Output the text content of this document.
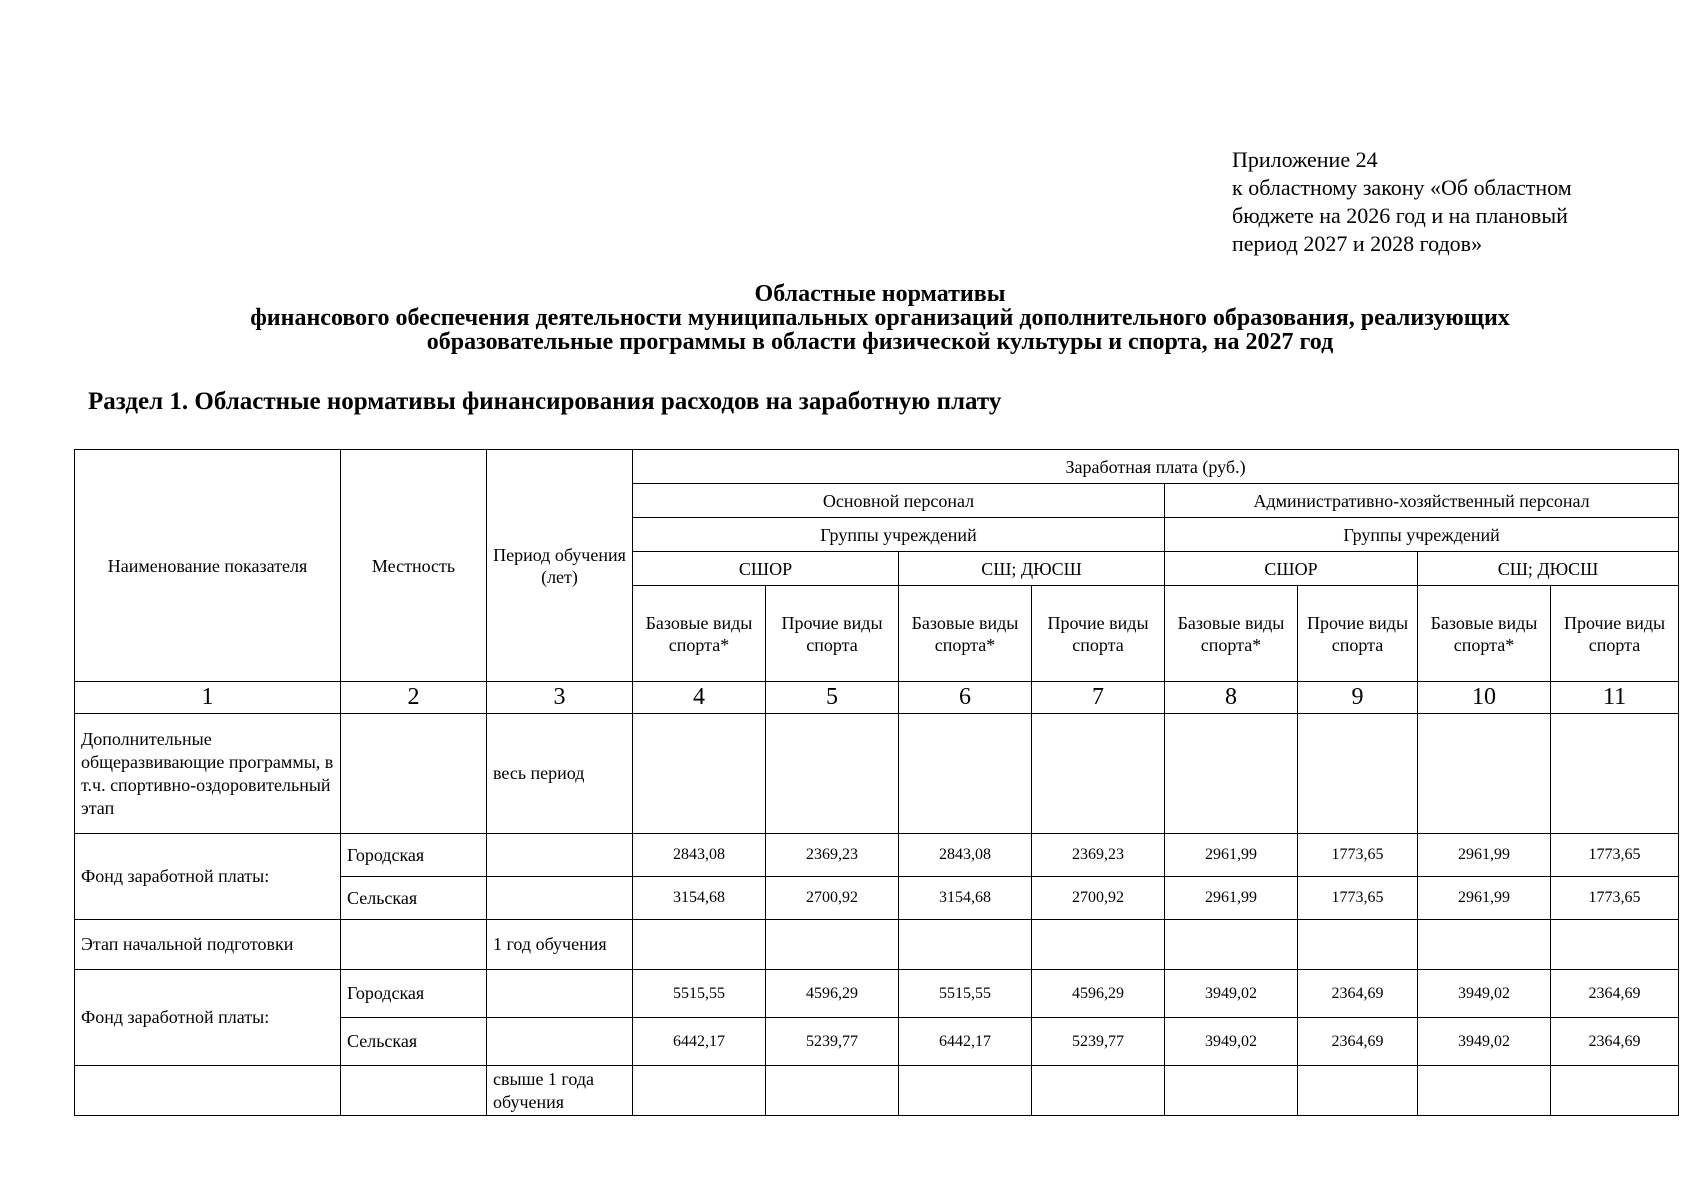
Приложение 24
к областному закону «Об областном
бюджете на 2026 год и на плановый
период 2027 и 2028 годов»
Областные нормативы
финансового обеспечения деятельности муниципальных организаций дополнительного образования, реализующих
образовательные программы в области физической культуры и спорта, на 2027 год
Раздел 1. Областные нормативы финансирования расходов на заработную плату
Наименование показателя	Местность	Период обучения (лет)	Заработная плата (руб.)							
			Основной персонал				Административно-хозяйственный персонал			
			Группы учреждений				Группы учреждений			
			СШОР		СШ; ДЮСШ		СШОР		СШ; ДЮСШ	
			Базовые виды спорта*	Прочие виды спорта	Базовые виды спорта*	Прочие виды спорта	Базовые виды спорта*	Прочие виды спорта	Базовые виды спорта*	Прочие виды спорта
1	2	3	4	5	6	7	8	9	10	11
Дополнительные общеразвивающие программы, в т.ч. спортивно-оздоровительный этап		весь период								
Фонд заработной платы:	Городская		2843,08	2369,23	2843,08	2369,23	2961,99	1773,65	2961,99	1773,65
	Сельская		3154,68	2700,92	3154,68	2700,92	2961,99	1773,65	2961,99	1773,65
Этап начальной подготовки		1 год обучения								
Фонд заработной платы:	Городская		5515,55	4596,29	5515,55	4596,29	3949,02	2364,69	3949,02	2364,69
	Сельская		6442,17	5239,77	6442,17	5239,77	3949,02	2364,69	3949,02	2364,69
		свыше 1 года обучения								
